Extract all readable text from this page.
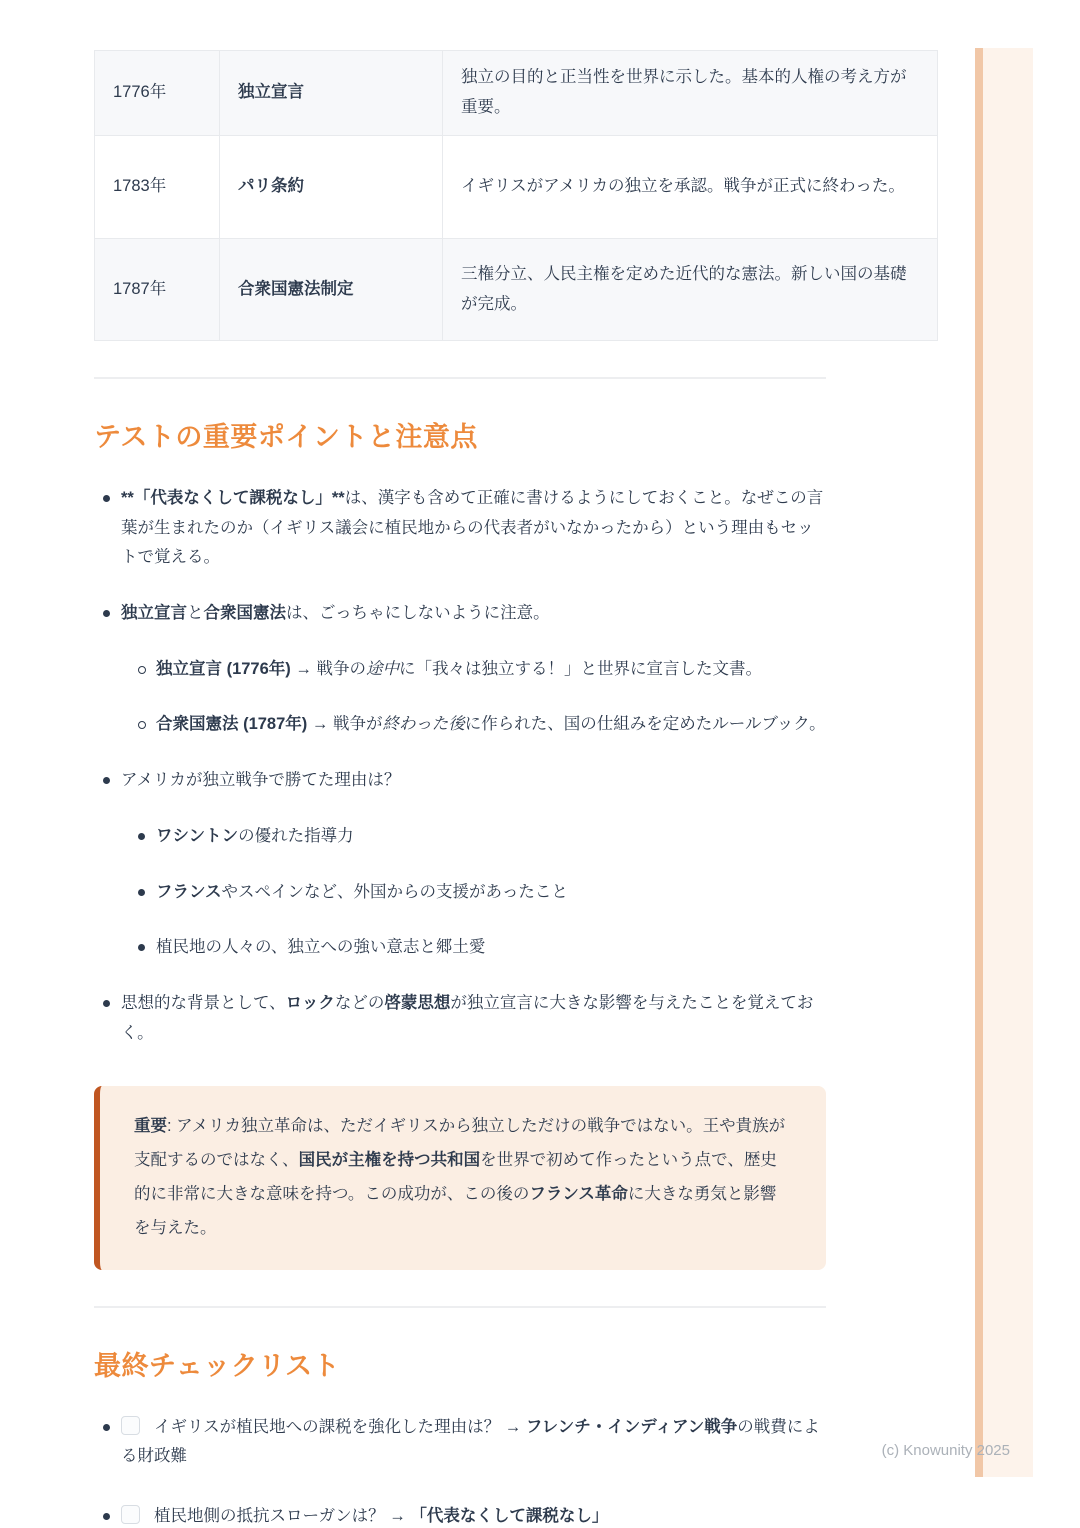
1776年	独立宣言	独立の目的と正当性を世界に示した。基本的人権の考え方が重要。
1783年	パリ条約	イギリスがアメリカの独立を承認。戦争が正式に終わった。
1787年	合衆国憲法制定	三権分立、人民主権を定めた近代的な憲法。新しい国の基礎が完成。
テストの重要ポイントと注意点
**「代表なくして課税なし」**は、漢字も含めて正確に書けるようにしておくこと。なぜこの言葉が生まれたのか（イギリス議会に植民地からの代表者がいなかったから）という理由もセットで覚える。
独立宣言と合衆国憲法は、ごっちゃにしないように注意。
独立宣言 (1776年) → 戦争の途中に「我々は独立する！」と世界に宣言した文書。
合衆国憲法 (1787年) → 戦争が終わった後に作られた、国の仕組みを定めたルールブック。
アメリカが独立戦争で勝てた理由は？
ワシントンの優れた指導力
フランスやスペインなど、外国からの支援があったこと
植民地の人々の、独立への強い意志と郷土愛
思想的な背景として、ロックなどの啓蒙思想が独立宣言に大きな影響を与えたことを覚えておく。
重要: アメリカ独立革命は、ただイギリスから独立しただけの戦争ではない。王や貴族が支配するのではなく、国民が主権を持つ共和国を世界で初めて作ったという点で、歴史的に非常に大きな意味を持つ。この成功が、この後のフランス革命に大きな勇気と影響を与えた。
最終チェックリスト
イギリスが植民地への課税を強化した理由は？ → フレンチ・インディアン戦争の戦費による財政難
植民地側の抵抗スローガンは？ → 「代表なくして課税なし」
(c) Knowunity 2025
